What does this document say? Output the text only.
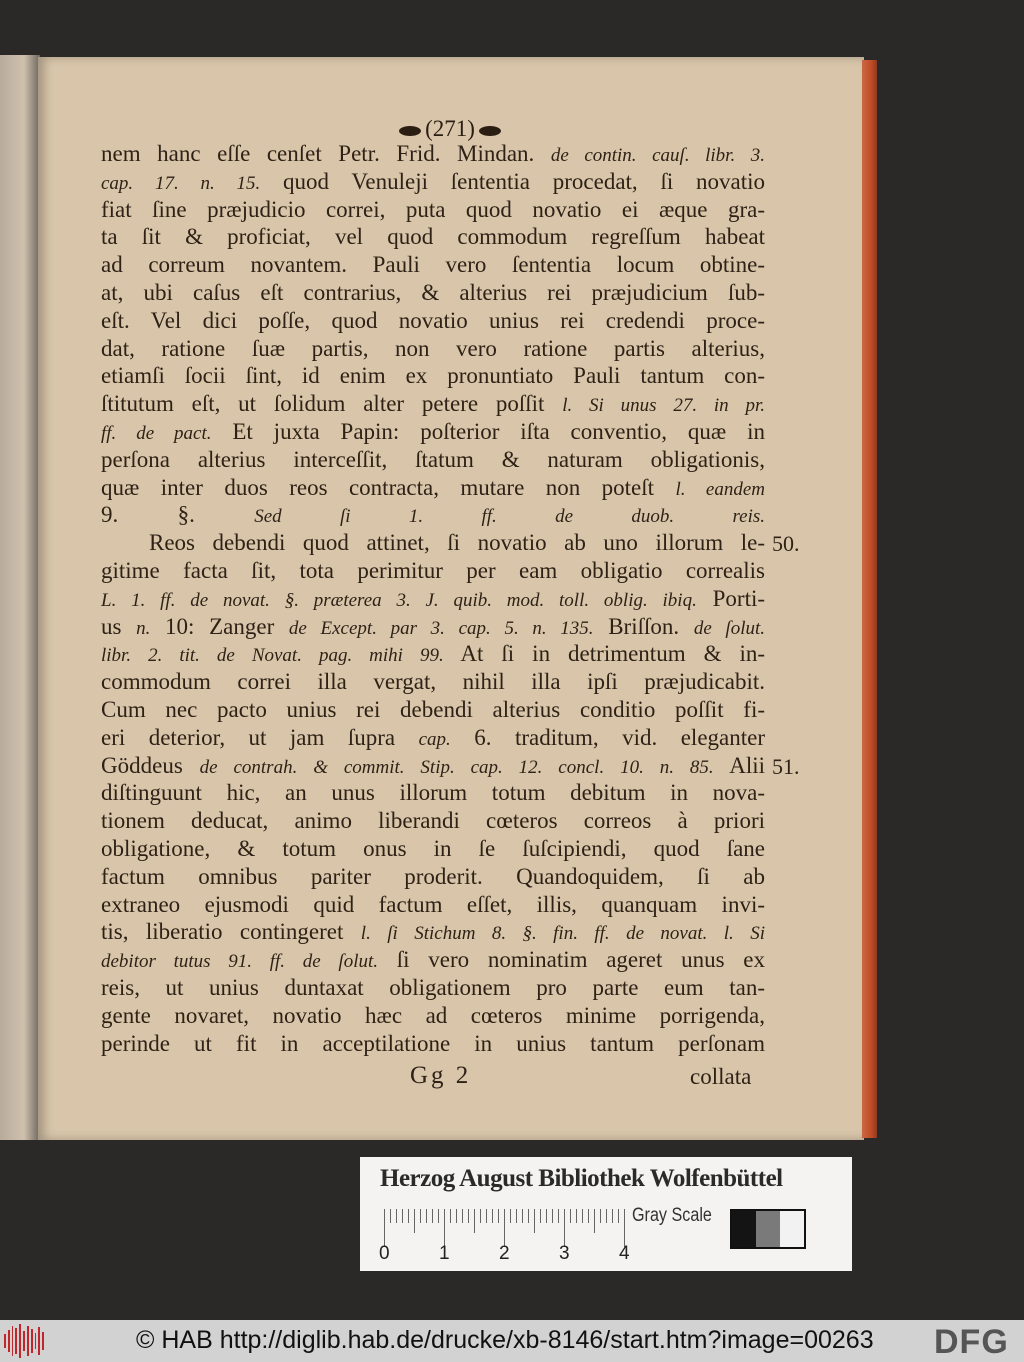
(271)
nem hanc eſſe cenſet Petr. Frid. Mindan. de contin. cauſ. libr. 3.
cap. 17. n. 15. quod Venuleji ſententia procedat, ſi novatio
fiat ſine præjudicio correi, puta quod novatio ei æque gra-
ta ſit & proficiat, vel quod commodum regreſſum habeat
ad correum novantem. Pauli vero ſententia locum obtine-
at, ubi caſus eſt contrarius, & alterius rei præjudicium ſub-
eſt. Vel dici poſſe, quod novatio unius rei credendi proce-
dat, ratione ſuæ partis, non vero ratione partis alterius,
etiamſi ſocii ſint, id enim ex pronuntiato Pauli tantum con-
ſtitutum eſt, ut ſolidum alter petere poſſit l. Si unus 27. in pr.
ff. de pact. Et juxta Papin: poſterior iſta conventio, quæ in
perſona alterius interceſſit, ſtatum & naturam obligationis,
quæ inter duos reos contracta, mutare non poteſt l. eandem
9. §. Sed ſi 1. ff. de duob. reis.
Reos debendi quod attinet, ſi novatio ab uno illorum le-
gitime facta ſit, tota perimitur per eam obligatio correalis
L. 1. ff. de novat. §. præterea 3. J. quib. mod. toll. oblig. ibiq. Porti-
us n. 10: Zanger de Except. par 3. cap. 5. n. 135. Briſſon. de ſolut.
libr. 2. tit. de Novat. pag. mihi 99. At ſi in detrimentum & in-
commodum correi illa vergat, nihil illa ipſi præjudicabit.
Cum nec pacto unius rei debendi alterius conditio poſſit fi-
eri deterior, ut jam ſupra cap. 6. traditum, vid. eleganter
Göddeus de contrah. & commit. Stip. cap. 12. concl. 10. n. 85. Alii
diſtinguunt hic, an unus illorum totum debitum in nova-
tionem deducat, animo liberandi cœteros correos à priori
obligatione, & totum onus in ſe ſuſcipiendi, quod ſane
factum omnibus pariter proderit. Quandoquidem, ſi ab
extraneo ejusmodi quid factum eſſet, illis, quanquam invi-
tis, liberatio contingeret l. ſi Stichum 8. §. fin. ff. de novat. l. Si
debitor tutus 91. ff. de ſolut. ſi vero nominatim ageret unus ex
reis, ut unius duntaxat obligationem pro parte eum tan-
gente novaret, novatio hæc ad cœteros minime porrigenda,
perinde ut fit in acceptilatione in unius tantum perſonam
Gg 2	collata
Herzog August Bibliothek Wolfenbüttel
0	1	2	3	4
Gray Scale
© HAB http://diglib.hab.de/drucke/xb-8146/start.htm?image=00263 DFG
50.
51.
